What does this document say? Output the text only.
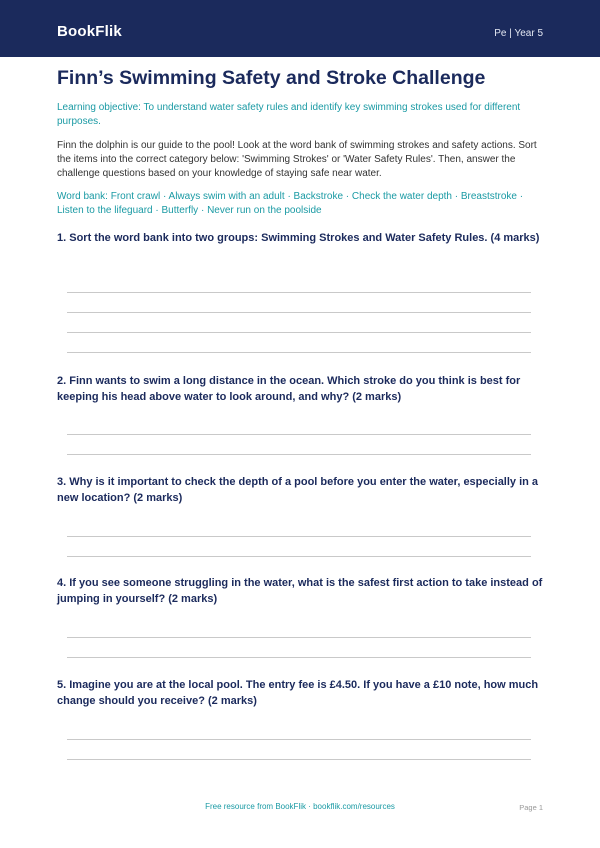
BookFlik	Pe | Year 5
Finn’s Swimming Safety and Stroke Challenge

Learning objective: To understand water safety rules and identify key swimming strokes used for different purposes.

Finn the dolphin is our guide to the pool! Look at the word bank of swimming strokes and safety actions. Sort the items into the correct category below: 'Swimming Strokes' or 'Water Safety Rules'. Then, answer the challenge questions based on your knowledge of staying safe near water.

Word bank: Front crawl · Always swim with an adult · Backstroke · Check the water depth · Breaststroke · Listen to the lifeguard · Butterfly · Never run on the poolside

1. Sort the word bank into two groups: Swimming Strokes and Water Safety Rules. (4 marks)

2. Finn wants to swim a long distance in the ocean. Which stroke do you think is best for keeping his head above water to look around, and why? (2 marks)

3. Why is it important to check the depth of a pool before you enter the water, especially in a new location? (2 marks)

4. If you see someone struggling in the water, what is the safest first action to take instead of jumping in yourself? (2 marks)

5. Imagine you are at the local pool. The entry fee is £4.50. If you have a £10 note, how much change should you receive? (2 marks)

Free resource from BookFlik · bookflik.com/resources	Page 1
